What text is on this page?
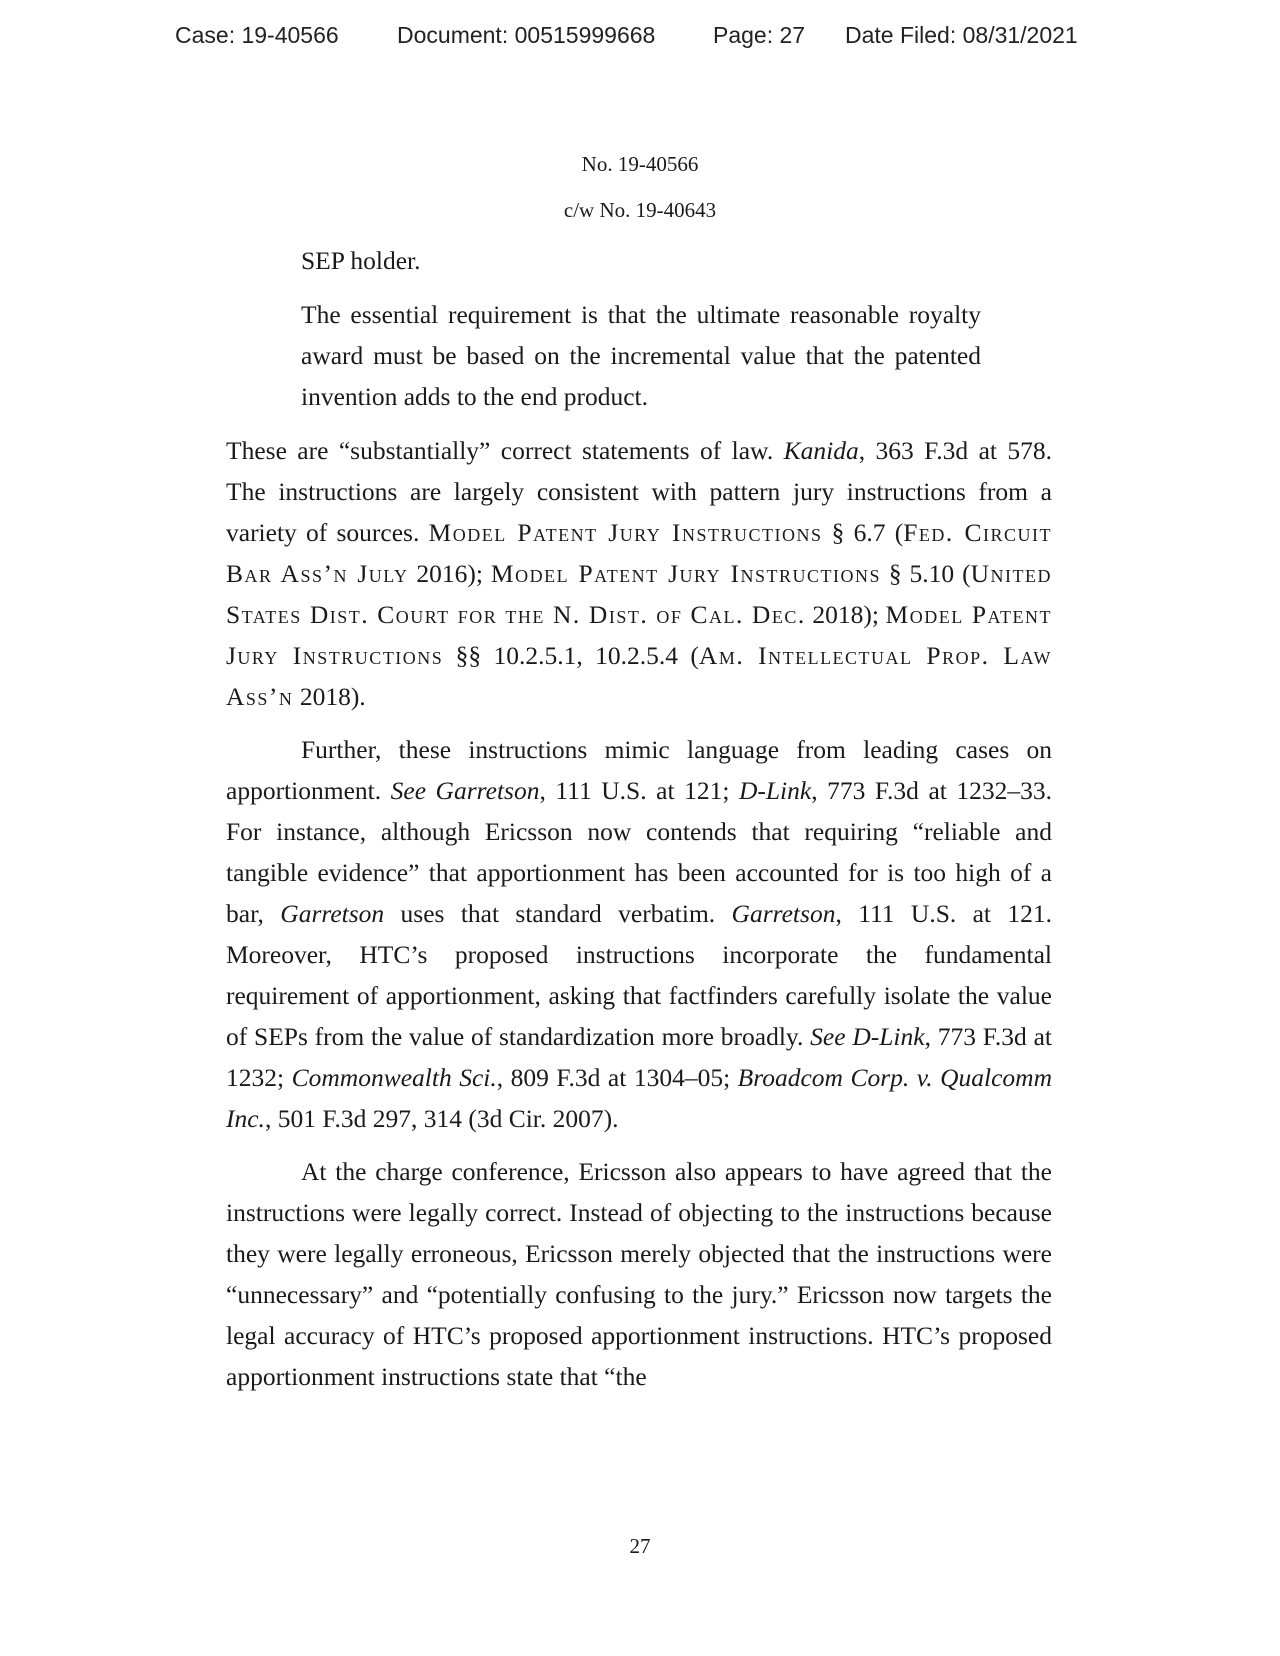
Case: 19-40566	Document: 00515999668	Page: 27 Date Filed: 08/31/2021
No. 19-40566
c/w No. 19-40643
SEP holder.
The essential requirement is that the ultimate reasonable royalty award must be based on the incremental value that the patented invention adds to the end product.

These are “substantially” correct statements of law. Kanida, 363 F.3d at 578. The instructions are largely consistent with pattern jury instructions from a variety of sources. Model Patent Jury Instructions § 6.7 (Fed. Circuit Bar Ass’n July 2016); Model Patent Jury Instructions § 5.10 (United States Dist. Court for the N. Dist. of Cal. Dec. 2018); Model Patent Jury Instructions §§ 10.2.5.1, 10.2.5.4 (Am. Intellectual Prop. Law Ass’n 2018).

Further, these instructions mimic language from leading cases on apportionment. See Garretson, 111 U.S. at 121; D-Link, 773 F.3d at 1232–33. For instance, although Ericsson now contends that requiring “reliable and tangible evidence” that apportionment has been accounted for is too high of a bar, Garretson uses that standard verbatim. Garretson, 111 U.S. at 121. Moreover, HTC’s proposed instructions incorporate the fundamental requirement of apportionment, asking that factfinders carefully isolate the value of SEPs from the value of standardization more broadly. See D-Link, 773 F.3d at 1232; Commonwealth Sci., 809 F.3d at 1304–05; Broadcom Corp. v. Qualcomm Inc., 501 F.3d 297, 314 (3d Cir. 2007).

At the charge conference, Ericsson also appears to have agreed that the instructions were legally correct. Instead of objecting to the instructions because they were legally erroneous, Ericsson merely objected that the instructions were “unnecessary” and “potentially confusing to the jury.” Ericsson now targets the legal accuracy of HTC’s proposed apportionment instructions. HTC’s proposed apportionment instructions state that “the

27
